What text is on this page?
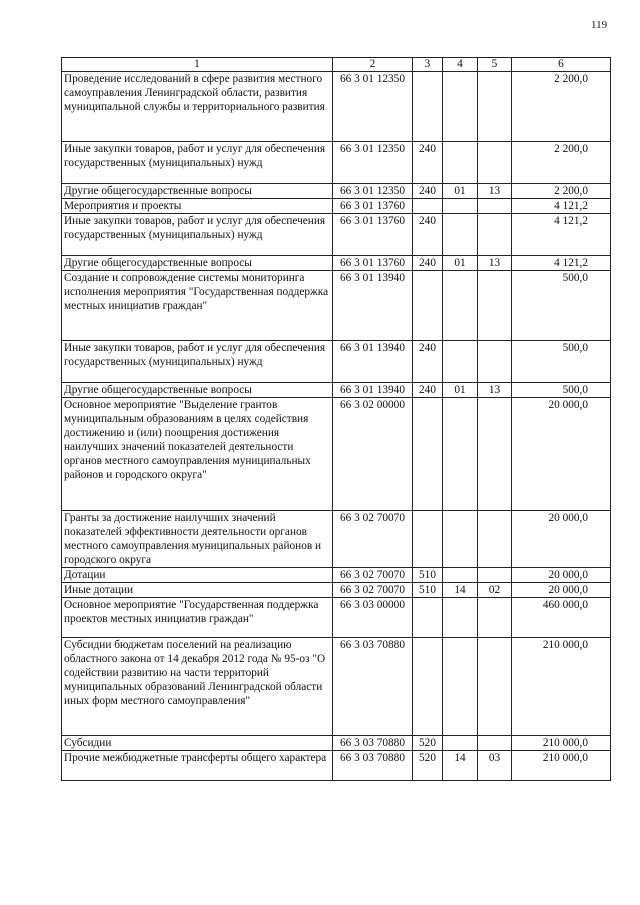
119
1	2	3	4	5	6
Проведение исследований в сфере развития местного самоуправления Ленинградской области, развития муниципальной службы и территориального развития	66 3 01 12350				2 200,0
Иные закупки товаров, работ и услуг для обеспечения государственных (муниципальных) нужд	66 3 01 12350	240			2 200,0
Другие общегосударственные вопросы	66 3 01 12350	240	01	13	2 200,0
Мероприятия и проекты	66 3 01 13760				4 121,2
Иные закупки товаров, работ и услуг для обеспечения государственных (муниципальных) нужд	66 3 01 13760	240			4 121,2
Другие общегосударственные вопросы	66 3 01 13760	240	01	13	4 121,2
Создание и сопровождение системы мониторинга исполнения мероприятия "Государственная поддержка местных инициатив граждан"	66 3 01 13940				500,0
Иные закупки товаров, работ и услуг для обеспечения государственных (муниципальных) нужд	66 3 01 13940	240			500,0
Другие общегосударственные вопросы	66 3 01 13940	240	01	13	500,0
Основное мероприятие "Выделение грантов муниципальным образованиям в целях содействия достижению и (или) поощрения достижения наилучших значений показателей деятельности органов местного самоуправления муниципальных районов и городского округа"	66 3 02 00000				20 000,0
Гранты за достижение наилучших значений показателей эффективности деятельности органов местного самоуправления муниципальных районов и городского округа	66 3 02 70070				20 000,0
Дотации	66 3 02 70070	510			20 000,0
Иные дотации	66 3 02 70070	510	14	02	20 000,0
Основное мероприятие "Государственная поддержка проектов местных инициатив граждан"	66 3 03 00000				460 000,0
Субсидии бюджетам поселений на реализацию областного закона от 14 декабря 2012 года № 95-оз "О содействии развитию на части территорий муниципальных образований Ленинградской области иных форм местного самоуправления"	66 3 03 70880				210 000,0
Субсидии	66 3 03 70880	520			210 000,0
Прочие межбюджетные трансферты общего характера	66 3 03 70880	520	14	03	210 000,0
